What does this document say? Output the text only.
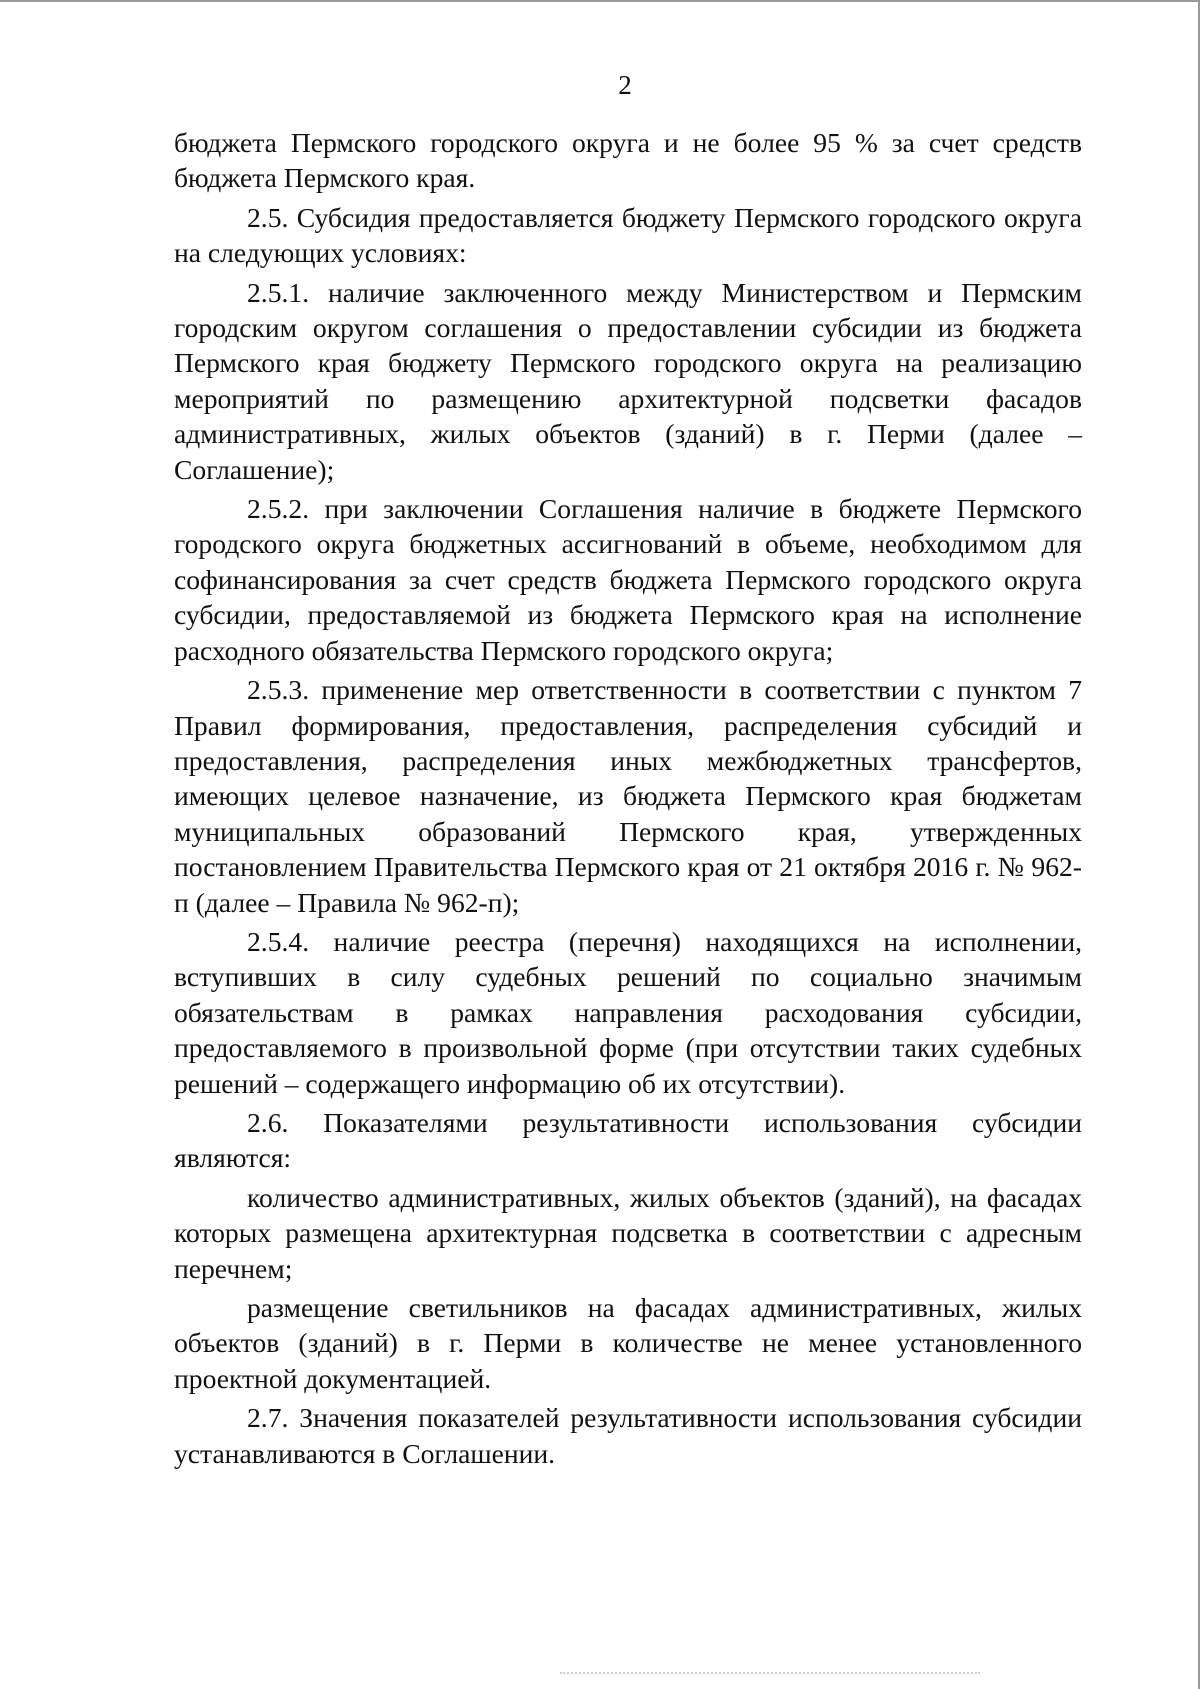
2

бюджета Пермского городского округа и не более 95 % за счет средств бюджета Пермского края.

2.5. Субсидия предоставляется бюджету Пермского городского округа на следующих условиях:

2.5.1. наличие заключенного между Министерством и Пермским городским округом соглашения о предоставлении субсидии из бюджета Пермского края бюджету Пермского городского округа на реализацию мероприятий по размещению архитектурной подсветки фасадов административных, жилых объектов (зданий) в г. Перми (далее – Соглашение);

2.5.2. при заключении Соглашения наличие в бюджете Пермского городского округа бюджетных ассигнований в объеме, необходимом для софинансирования за счет средств бюджета Пермского городского округа субсидии, предоставляемой из бюджета Пермского края на исполнение расходного обязательства Пермского городского округа;

2.5.3. применение мер ответственности в соответствии с пунктом 7 Правил формирования, предоставления, распределения субсидий и предоставления, распределения иных межбюджетных трансфертов, имеющих целевое назначение, из бюджета Пермского края бюджетам муниципальных образований Пермского края, утвержденных постановлением Правительства Пермского края от 21 октября 2016 г. № 962-п (далее – Правила № 962-п);

2.5.4. наличие реестра (перечня) находящихся на исполнении, вступивших в силу судебных решений по социально значимым обязательствам в рамках направления расходования субсидии, предоставляемого в произвольной форме (при отсутствии таких судебных решений – содержащего информацию об их отсутствии).

2.6. Показателями результативности использования субсидии являются:

количество административных, жилых объектов (зданий), на фасадах которых размещена архитектурная подсветка в соответствии с адресным перечнем;

размещение светильников на фасадах административных, жилых объектов (зданий) в г. Перми в количестве не менее установленного проектной документацией.

2.7. Значения показателей результативности использования субсидии устанавливаются в Соглашении.
